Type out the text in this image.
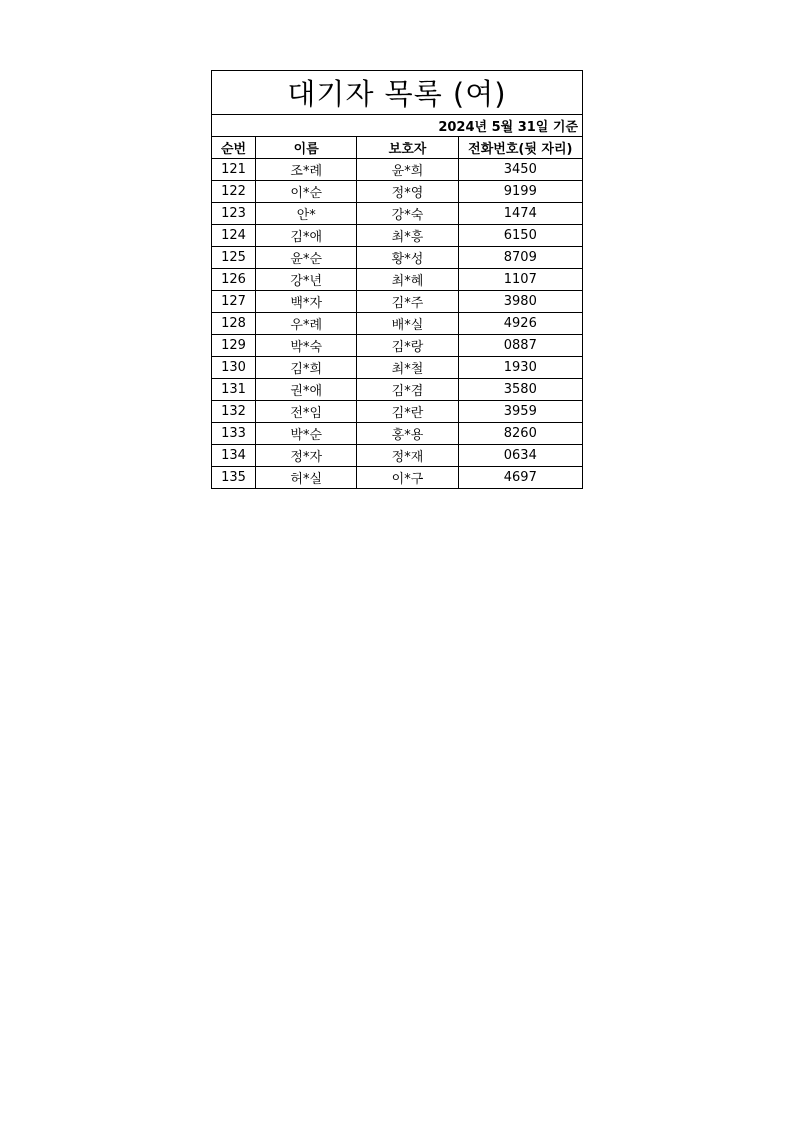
대기자 목록 (여)			
2024년 5월 31일 기준			
순번	이름	보호자	전화번호(뒷 자리)
121	조*례	윤*희	3450
122	이*순	정*영	9199
123	안*	강*숙	1474
124	김*애	최*흥	6150
125	윤*순	황*성	8709
126	강*년	최*혜	1107
127	백*자	김*주	3980
128	우*례	배*실	4926
129	박*숙	김*랑	0887
130	김*희	최*철	1930
131	권*애	김*겸	3580
132	전*임	김*란	3959
133	박*순	홍*용	8260
134	정*자	정*재	0634
135	허*실	이*구	4697
